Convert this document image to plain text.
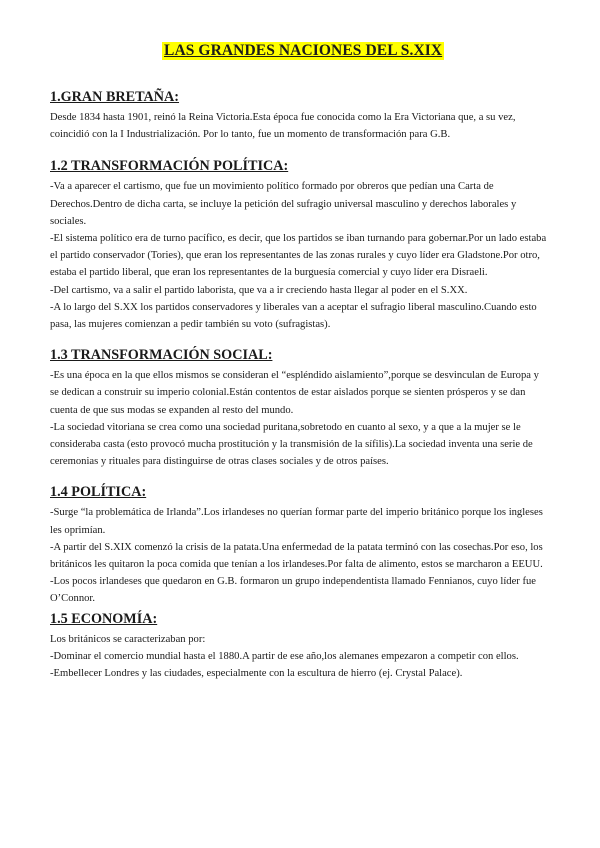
LAS GRANDES NACIONES DEL S.XIX
1.GRAN BRETAÑA:

Desde 1834 hasta 1901, reinó la Reina Victoria.Esta época fue conocida como la Era Victoriana que, a su vez, coincidió con la I Industrialización. Por lo tanto, fue un momento de transformación para G.B.

1.2 TRANSFORMACIÓN POLÍTICA:

-Va a aparecer el cartismo, que fue un movimiento político formado por obreros que pedían una Carta de Derechos.Dentro de dicha carta, se incluye la petición del sufragio universal masculino y derechos laborales y sociales.

-El sistema político era de turno pacífico, es decir, que los partidos se iban turnando para gobernar.Por un lado estaba el partido conservador (Tories), que eran los representantes de las zonas rurales y cuyo líder era Gladstone.Por otro, estaba el partido liberal, que eran los representantes de la burguesía comercial y cuyo líder era Disraeli.

-Del cartismo, va a salir el partido laborista, que va a ir creciendo hasta llegar al poder en el S.XX.

-A lo largo del S.XX los partidos conservadores y liberales van a aceptar el sufragio liberal masculino.Cuando esto pasa, las mujeres comienzan a pedir también su voto (sufragistas).

1.3 TRANSFORMACIÓN SOCIAL:

-Es una época en la que ellos mismos se consideran el “espléndido aislamiento”,porque se desvinculan de Europa y se dedican a construir su imperio colonial.Están contentos de estar aislados porque se sienten prósperos y se dan cuenta de que sus modas se expanden al resto del mundo.

-La sociedad vitoriana se crea como una sociedad puritana,sobretodo en cuanto al sexo, y a que a la mujer se le consideraba casta (esto provocó mucha prostitución y la transmisión de la sífilis).La sociedad inventa una serie de ceremonias y rituales para distinguirse de otras clases sociales y de otros países.

1.4 POLÍTICA:

-Surge “la problemática de Irlanda”.Los irlandeses no querían formar parte del imperio británico porque los ingleses les oprimían.

-A partir del S.XIX comenzó la crisis de la patata.Una enfermedad de la patata terminó con las cosechas.Por eso, los británicos les quitaron la poca comida que tenían a los irlandeses.Por falta de alimento, estos se marcharon a EEUU.

-Los pocos irlandeses que quedaron en G.B. formaron un grupo independentista llamado Fennianos, cuyo líder fue O’Connor.

1.5 ECONOMÍA:

Los británicos se caracterizaban por:

-Dominar el comercio mundial hasta el 1880.A partir de ese año,los alemanes empezaron a competir con ellos.

-Embellecer Londres y las ciudades, especialmente con la escultura de hierro (ej. Crystal Palace).
